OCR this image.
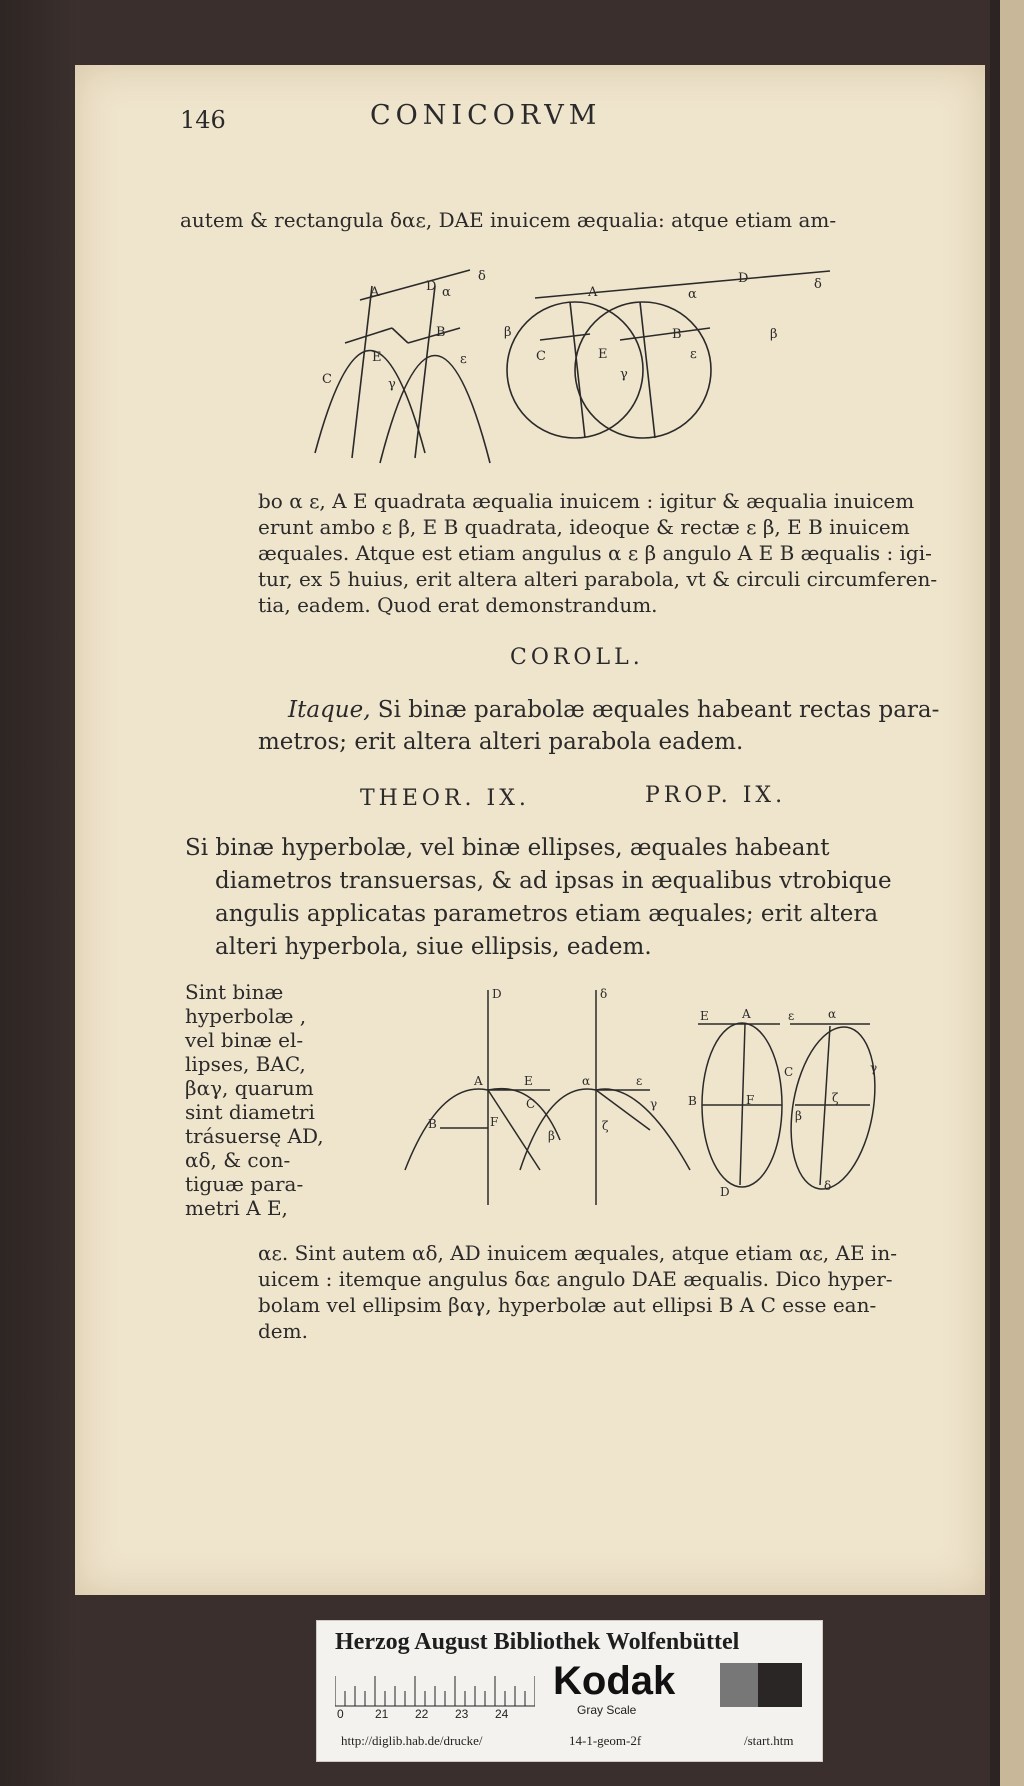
146	CONICORVM
autem & rectangula δαε, DAE inuicem æqualia: atque etiam am-
A	D α
δ
B	β
C
E	ε
γ
A
D
α
δ
B	β
C	E	ε
γ

bo α ε, A E quadrata æqualia inuicem : igitur & æqualia inuicem

erunt ambo ε β, E B quadrata, ideoque & rectæ ε β, E B inuicem

æquales. Atque est etiam angulus α ε β angulo A E B æqualis : igi-

tur, ex 5 huius, erit altera alteri parabola, vt & circuli circumferen-

tia, eadem. Quod erat demonstrandum.

COROLL.

Itaque, Si binæ parabolæ æquales habeant rectas para-

metros; erit altera alteri parabola eadem.

THEOR. IX.	PROP. IX.

Si binæ hyperbolæ, vel binæ ellipses, æquales habeant

diametros transuersas, & ad ipsas in æqualibus vtrobique

angulis applicatas parametros etiam æquales; erit altera

alteri hyperbola, siue ellipsis, eadem.

Sint binæ

hyperbolæ ,

vel binæ el-

lipses, BAC,

βαγ, quarum

sint diametri

trásuersę AD,

αδ, & con-

tiguæ para-

metri A E,

D	δ
A	E	α	ε
B	F
C
β
ζ
γ
E	A	ε	α
C
B	F
D
β
ζ
γ
δ

αε. Sint autem αδ, AD inuicem æquales, atque etiam αε, AE in-

uicem : itemque angulus δαε angulo DAE æqualis. Dico hyper-

bolam vel ellipsim βαγ, hyperbolæ aut ellipsi B A C esse ean-

dem.

Herzog August Bibliothek Wolfenbüttel
0	21 22 23 24
Kodak
Gray Scale
http://diglib.hab.de/drucke/	14-1-geom-2f	/start.htm
